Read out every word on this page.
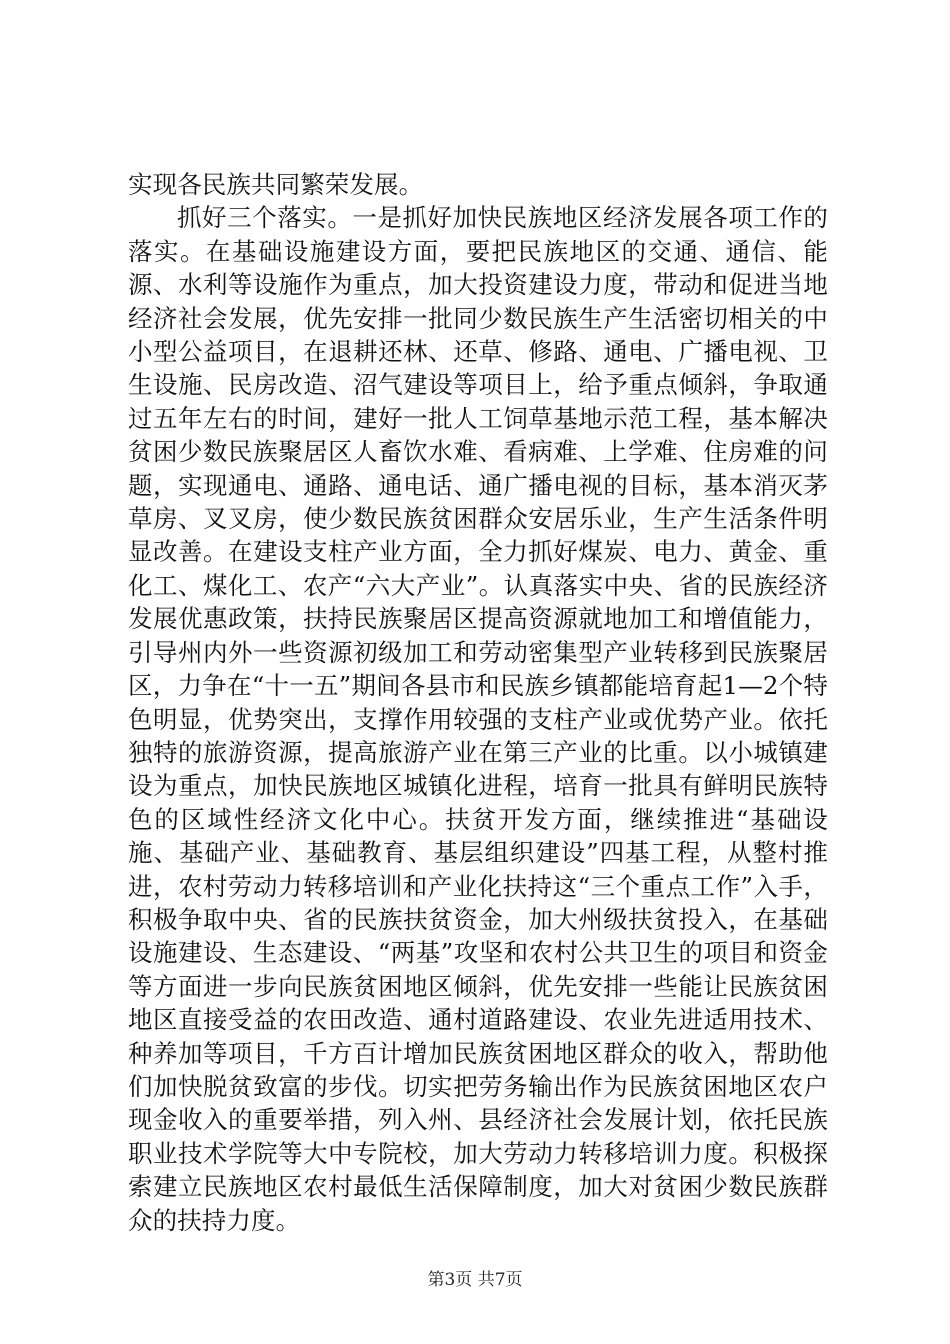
实现各民族共同繁荣发展。

抓好三个落实。一是抓好加快民族地区经济发展各项工作的落实。在基础设施建设方面，要把民族地区的交通、通信、能源、水利等设施作为重点，加大投资建设力度，带动和促进当地经济社会发展，优先安排一批同少数民族生产生活密切相关的中小型公益项目，在退耕还林、还草、修路、通电、广播电视、卫生设施、民房改造、沼气建设等项目上，给予重点倾斜，争取通过五年左右的时间，建好一批人工饲草基地示范工程，基本解决贫困少数民族聚居区人畜饮水难、看病难、上学难、住房难的问题，实现通电、通路、通电话、通广播电视的目标，基本消灭茅草房、叉叉房，使少数民族贫困群众安居乐业，生产生活条件明显改善。在建设支柱产业方面，全力抓好煤炭、电力、黄金、重化工、煤化工、农产“六大产业”。认真落实中央、省的民族经济发展优惠政策，扶持民族聚居区提高资源就地加工和增值能力，引导州内外一些资源初级加工和劳动密集型产业转移到民族聚居区，力争在“十一五”期间各县市和民族乡镇都能培育起1—2个特色明显，优势突出，支撑作用较强的支柱产业或优势产业。依托独特的旅游资源，提高旅游产业在第三产业的比重。以小城镇建设为重点，加快民族地区城镇化进程，培育一批具有鲜明民族特色的区域性经济文化中心。扶贫开发方面，继续推进“基础设施、基础产业、基础教育、基层组织建设”四基工程，从整村推进，农村劳动力转移培训和产业化扶持这“三个重点工作”入手，积极争取中央、省的民族扶贫资金，加大州级扶贫投入，在基础设施建设、生态建设、“两基”攻坚和农村公共卫生的项目和资金等方面进一步向民族贫困地区倾斜，优先安排一些能让民族贫困地区直接受益的农田改造、通村道路建设、农业先进适用技术、种养加等项目，千方百计增加民族贫困地区群众的收入，帮助他们加快脱贫致富的步伐。切实把劳务输出作为民族贫困地区农户现金收入的重要举措，列入州、县经济社会发展计划，依托民族职业技术学院等大中专院校，加大劳动力转移培训力度。积极探索建立民族地区农村最低生活保障制度，加大对贫困少数民族群众的扶持力度。

第3页 共7页
